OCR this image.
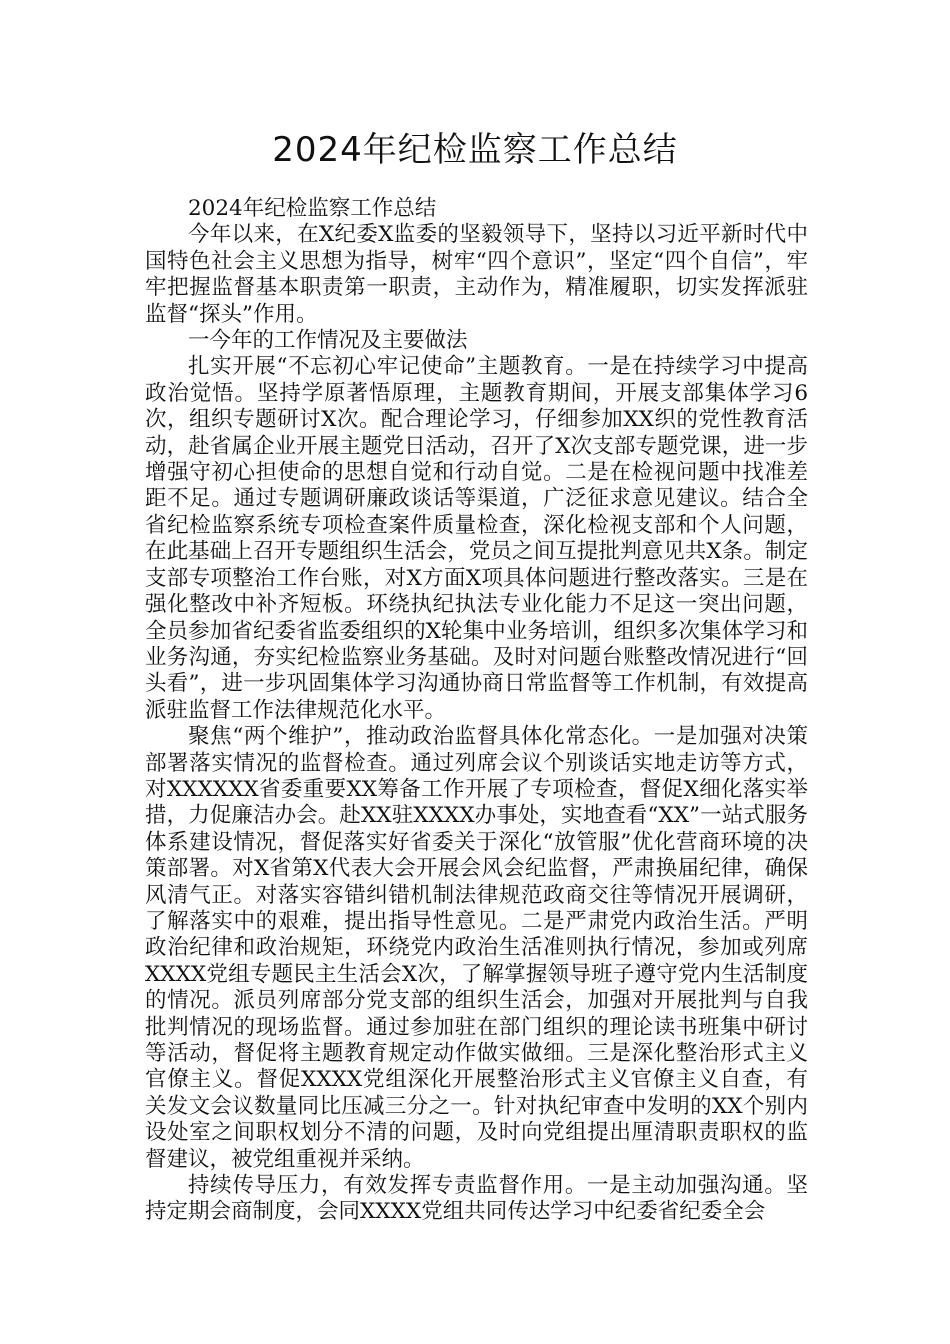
2024年纪检监察工作总结

2024年纪检监察工作总结

今年以来，在X纪委X监委的坚毅领导下，坚持以习近平新时代中国特色社会主义思想为指导，树牢“四个意识”，坚定“四个自信”，牢牢把握监督基本职责第一职责，主动作为，精准履职，切实发挥派驻监督“探头”作用。

一今年的工作情况及主要做法

扎实开展“不忘初心牢记使命”主题教育。一是在持续学习中提高政治觉悟。坚持学原著悟原理，主题教育期间，开展支部集体学习6次，组织专题研讨X次。配合理论学习，仔细参加XX织的党性教育活动，赴省属企业开展主题党日活动，召开了X次支部专题党课，进一步增强守初心担使命的思想自觉和行动自觉。二是在检视问题中找准差距不足。通过专题调研廉政谈话等渠道，广泛征求意见建议。结合全省纪检监察系统专项检查案件质量检查，深化检视支部和个人问题，在此基础上召开专题组织生活会，党员之间互提批判意见共X条。制定支部专项整治工作台账，对X方面X项具体问题进行整改落实。三是在强化整改中补齐短板。环绕执纪执法专业化能力不足这一突出问题，全员参加省纪委省监委组织的X轮集中业务培训，组织多次集体学习和业务沟通，夯实纪检监察业务基础。及时对问题台账整改情况进行“回头看”，进一步巩固集体学习沟通协商日常监督等工作机制，有效提高派驻监督工作法律规范化水平。

聚焦“两个维护”，推动政治监督具体化常态化。一是加强对决策部署落实情况的监督检查。通过列席会议个别谈话实地走访等方式，对XXXXXX省委重要XX筹备工作开展了专项检查，督促X细化落实举措，力促廉洁办会。赴XX驻XXXX办事处，实地查看“XX”一站式服务体系建设情况，督促落实好省委关于深化“放管服”优化营商环境的决策部署。对X省第X代表大会开展会风会纪监督，严肃换届纪律，确保风清气正。对落实容错纠错机制法律规范政商交往等情况开展调研，了解落实中的艰难，提出指导性意见。二是严肃党内政治生活。严明政治纪律和政治规矩，环绕党内政治生活准则执行情况，参加或列席XXXX党组专题民主生活会X次，了解掌握领导班子遵守党内生活制度的情况。派员列席部分党支部的组织生活会，加强对开展批判与自我批判情况的现场监督。通过参加驻在部门组织的理论读书班集中研讨等活动，督促将主题教育规定动作做实做细。三是深化整治形式主义官僚主义。督促XXXX党组深化开展整治形式主义官僚主义自查，有关发文会议数量同比压减三分之一。针对执纪审查中发明的XX个别内设处室之间职权划分不清的问题，及时向党组提出厘清职责职权的监督建议，被党组重视并采纳。

持续传导压力，有效发挥专责监督作用。一是主动加强沟通。坚持定期会商制度，会同XXXX党组共同传达学习中纪委省纪委全会
